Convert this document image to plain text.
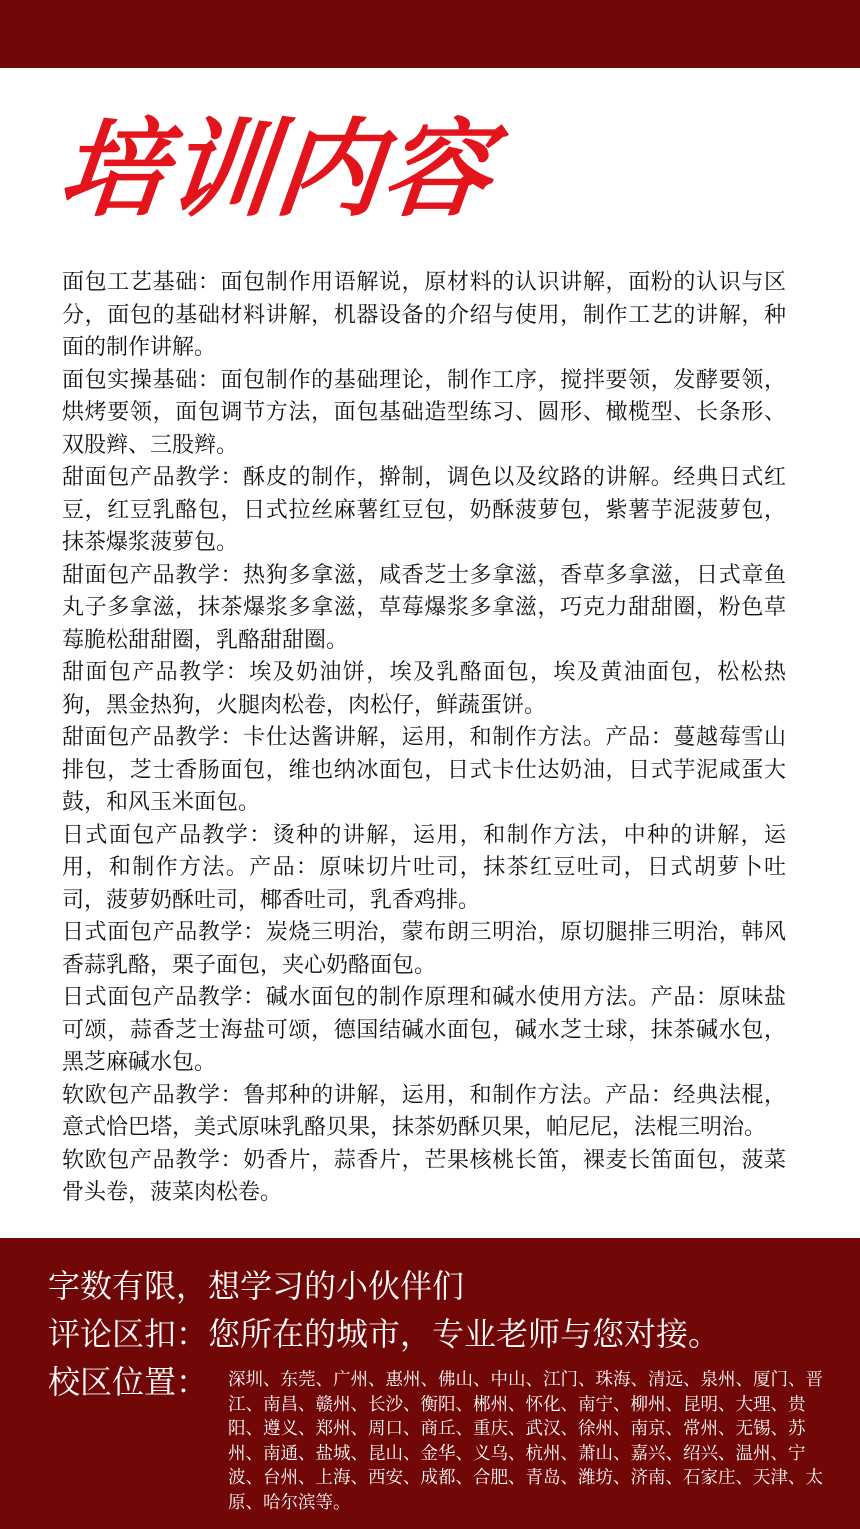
培训内容

面包工艺基础：面包制作用语解说，原材料的认识讲解，面粉的认识与区分，面包的基础材料讲解，机器设备的介绍与使用，制作工艺的讲解，种面的制作讲解。

面包实操基础：面包制作的基础理论，制作工序，搅拌要领，发酵要领，烘烤要领，面包调节方法，面包基础造型练习、圆形、橄榄型、长条形、双股辫、三股辫。

甜面包产品教学：酥皮的制作，擀制，调色以及纹路的讲解。经典日式红豆，红豆乳酪包，日式拉丝麻薯红豆包，奶酥菠萝包，紫薯芋泥菠萝包，抹茶爆浆菠萝包。

甜面包产品教学：热狗多拿滋，咸香芝士多拿滋，香草多拿滋，日式章鱼丸子多拿滋，抹茶爆浆多拿滋，草莓爆浆多拿滋，巧克力甜甜圈，粉色草莓脆松甜甜圈，乳酪甜甜圈。

甜面包产品教学：埃及奶油饼，埃及乳酪面包，埃及黄油面包，松松热狗，黑金热狗，火腿肉松卷，肉松仔，鲜蔬蛋饼。

甜面包产品教学：卡仕达酱讲解，运用，和制作方法。产品：蔓越莓雪山排包，芝士香肠面包，维也纳冰面包，日式卡仕达奶油，日式芋泥咸蛋大鼓，和风玉米面包。

日式面包产品教学：烫种的讲解，运用，和制作方法，中种的讲解，运用，和制作方法。产品：原味切片吐司，抹茶红豆吐司，日式胡萝卜吐司，菠萝奶酥吐司，椰香吐司，乳香鸡排。

日式面包产品教学：炭烧三明治，蒙布朗三明治，原切腿排三明治，韩风香蒜乳酪，栗子面包，夹心奶酪面包。

日式面包产品教学：碱水面包的制作原理和碱水使用方法。产品：原味盐可颂，蒜香芝士海盐可颂，德国结碱水面包，碱水芝士球，抹茶碱水包，黑芝麻碱水包。

软欧包产品教学：鲁邦种的讲解，运用，和制作方法。产品：经典法棍，意式恰巴塔，美式原味乳酪贝果，抹茶奶酥贝果，帕尼尼，法棍三明治。

软欧包产品教学：奶香片，蒜香片，芒果核桃长笛，裸麦长笛面包，菠菜骨头卷，菠菜肉松卷。

字数有限，想学习的小伙伴们
评论区扣：您所在的城市，专业老师与您对接。
校区位置： 深圳、东莞、广州、惠州、佛山、中山、江门、珠海、清远、泉州、厦门、晋江、南昌、赣州、长沙、衡阳、郴州、怀化、南宁、柳州、昆明、大理、贵阳、遵义、郑州、周口、商丘、重庆、武汉、徐州、南京、常州、无锡、苏州、南通、盐城、昆山、金华、义乌、杭州、萧山、嘉兴、绍兴、温州、宁波、台州、上海、西安、成都、合肥、青岛、潍坊、济南、石家庄、天津、太原、哈尔滨等。
